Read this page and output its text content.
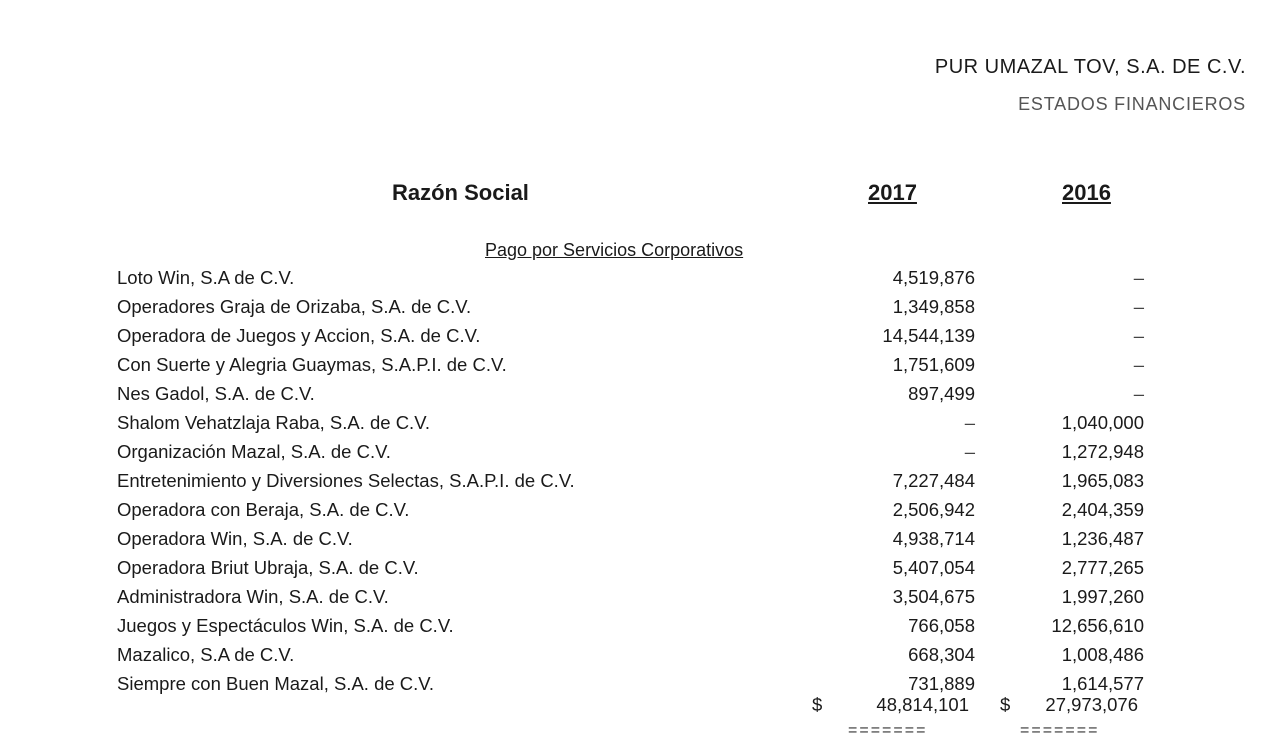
PUR UMAZAL TOV, S.A. DE C.V.
ESTADOS FINANCIEROS
Razón Social	2017	2016
Pago por Servicios Corporativos
Loto Win, S.A de C.V.	4,519,876	–
Operadores Graja de Orizaba, S.A. de C.V.	1,349,858	–
Operadora de Juegos y Accion, S.A. de C.V.	14,544,139	–
Con Suerte y Alegria Guaymas, S.A.P.I. de C.V.	1,751,609	–
Nes Gadol, S.A. de C.V.	897,499	–
Shalom Vehatzlaja Raba, S.A. de C.V.	–	1,040,000
Organización Mazal, S.A. de C.V.	–	1,272,948
Entretenimiento y Diversiones Selectas, S.A.P.I. de C.V.	7,227,484	1,965,083
Operadora con Beraja, S.A. de C.V.	2,506,942	2,404,359
Operadora Win, S.A. de C.V.	4,938,714	1,236,487
Operadora Briut Ubraja, S.A. de C.V.	5,407,054	2,777,265
Administradora Win, S.A. de C.V.	3,504,675	1,997,260
Juegos y Espectáculos Win, S.A. de C.V.	766,058	12,656,610
Mazalico, S.A de C.V.	668,304	1,008,486
Siempre con Buen Mazal, S.A. de C.V.	731,889	1,614,577
$	48,814,101 $ 27,973,076
=======	=======
